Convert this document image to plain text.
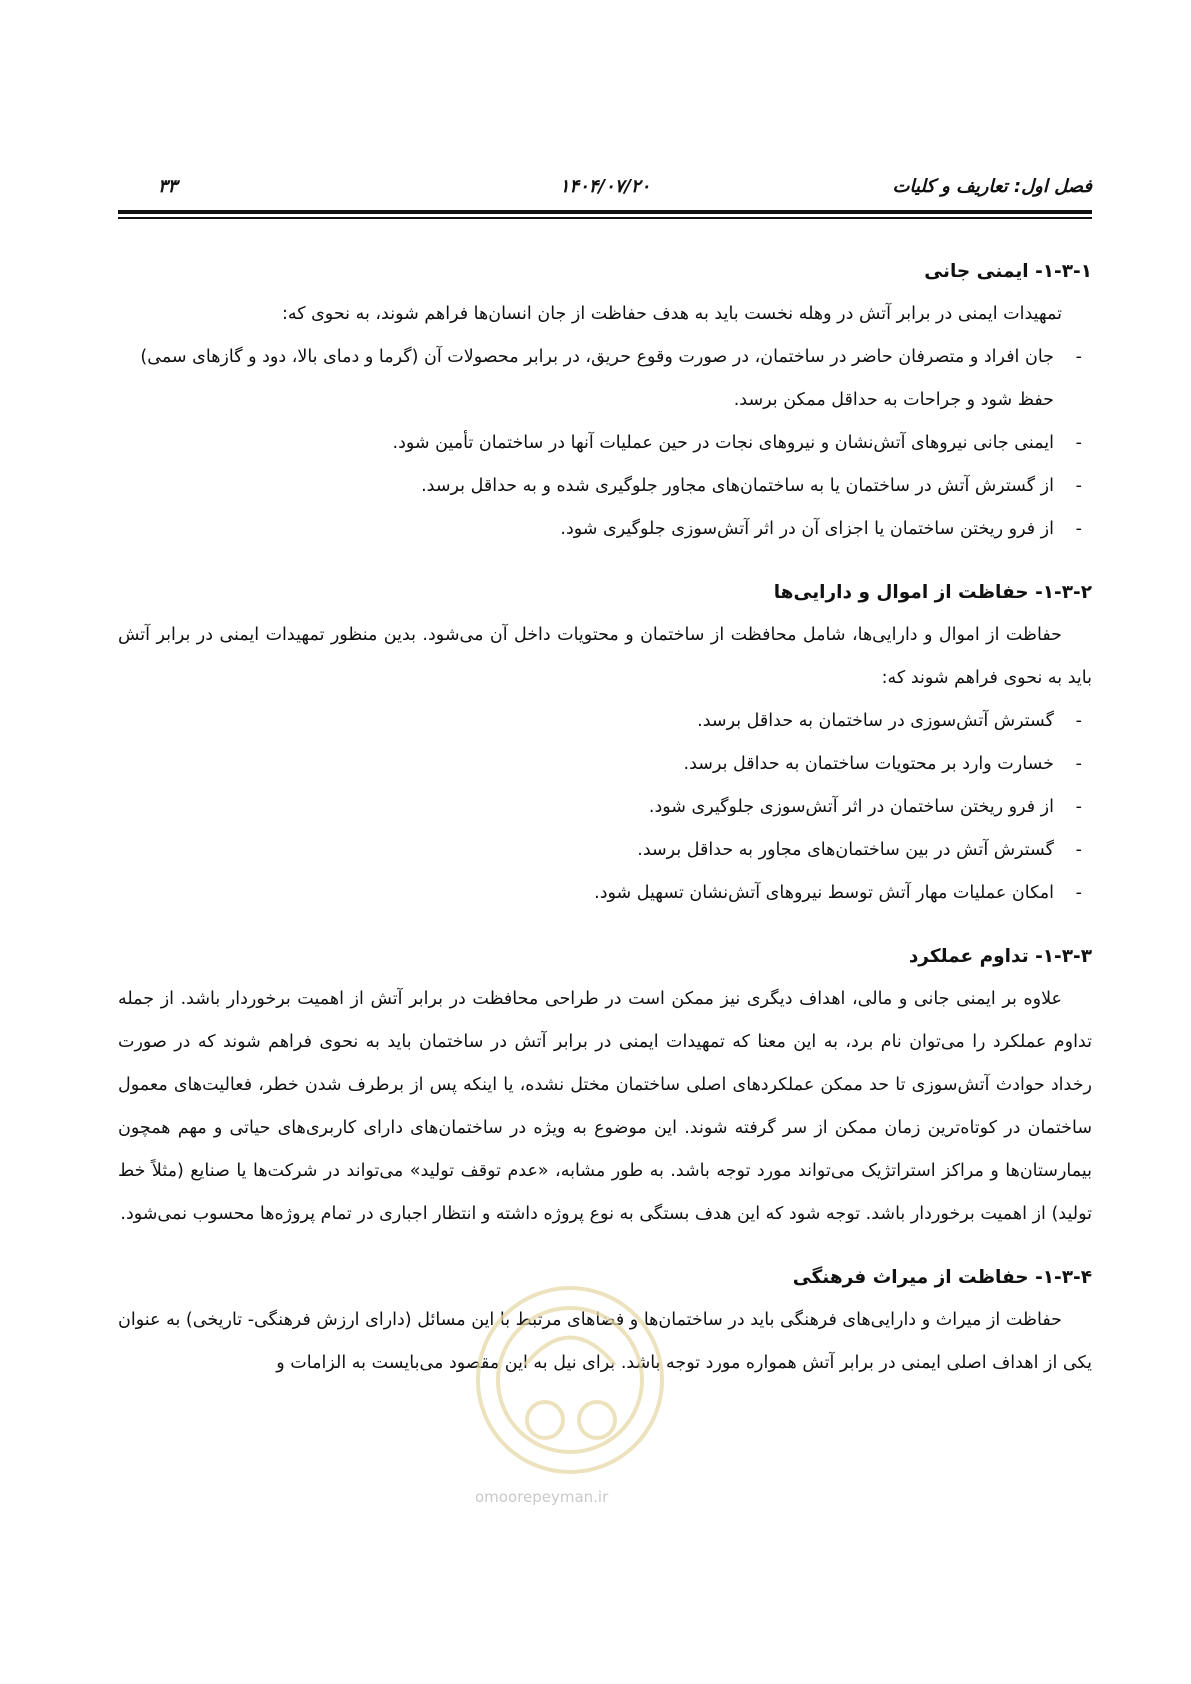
فصل اول: تعاریف و کلیات
۱۴۰۴/۰۷/۲۰
۳۳
۱-۳-۱- ایمنی جانی

تمهیدات ایمنی در برابر آتش در وهله نخست باید به هدف حفاظت از جان انسان‌ها فراهم شوند، به نحوی که:

-
جان افراد و متصرفان حاضر در ساختمان، در صورت وقوع حریق، در برابر محصولات آن (گرما و دمای بالا، دود و گازهای سمی) حفظ شود و جراحات به حداقل ممکن برسد.
-
ایمنی جانی نیروهای آتش‌نشان و نیروهای نجات در حین عملیات آنها در ساختمان تأمین شود.
-
از گسترش آتش در ساختمان یا به ساختمان‌های مجاور جلوگیری شده و به حداقل برسد.
-
از فرو ریختن ساختمان یا اجزای آن در اثر آتش‌سوزی جلوگیری شود.
۱-۳-۲- حفاظت از اموال و دارایی‌ها

حفاظت از اموال و دارایی‌ها، شامل محافظت از ساختمان و محتویات داخل آن می‌شود. بدین منظور تمهیدات ایمنی در برابر آتش باید به نحوی فراهم شوند که:

-
گسترش آتش‌سوزی در ساختمان به حداقل برسد.
-
خسارت وارد بر محتویات ساختمان به حداقل برسد.
-
از فرو ریختن ساختمان در اثر آتش‌سوزی جلوگیری شود.
-
گسترش آتش در بین ساختمان‌های مجاور به حداقل برسد.
-
امکان عملیات مهار آتش توسط نیروهای آتش‌نشان تسهیل شود.
۱-۳-۳- تداوم عملکرد

علاوه بر ایمنی جانی و مالی، اهداف دیگری نیز ممکن است در طراحی محافظت در برابر آتش از اهمیت برخوردار باشد. از جمله تداوم عملکرد را می‌توان نام برد، به این معنا که تمهیدات ایمنی در برابر آتش در ساختمان باید به نحوی فراهم شوند که در صورت رخداد حوادث آتش‌سوزی تا حد ممکن عملکردهای اصلی ساختمان مختل نشده، یا اینکه پس از برطرف شدن خطر، فعالیت‌های معمول ساختمان در کوتاه‌ترین زمان ممکن از سر گرفته شوند. این موضوع به ویژه در ساختمان‌های دارای کاربری‌های حیاتی و مهم همچون بیمارستان‌ها و مراکز استراتژیک می‌تواند مورد توجه باشد. به طور مشابه، «عدم توقف تولید» می‌تواند در شرکت‌ها یا صنایع (مثلاً خط تولید) از اهمیت برخوردار باشد. توجه شود که این هدف بستگی به نوع پروژه داشته و انتظار اجباری در تمام پروژه‌ها محسوب نمی‌شود.

۱-۳-۴- حفاظت از میراث فرهنگی

حفاظت از میراث و دارایی‌های فرهنگی باید در ساختمان‌ها و فضاهای مرتبط با این مسائل (دارای ارزش فرهنگی- تاریخی) به عنوان یکی از اهداف اصلی ایمنی در برابر آتش همواره مورد توجه باشد. برای نیل به این مقصود می‌بایست به الزامات و

omoorepeyman.ir
